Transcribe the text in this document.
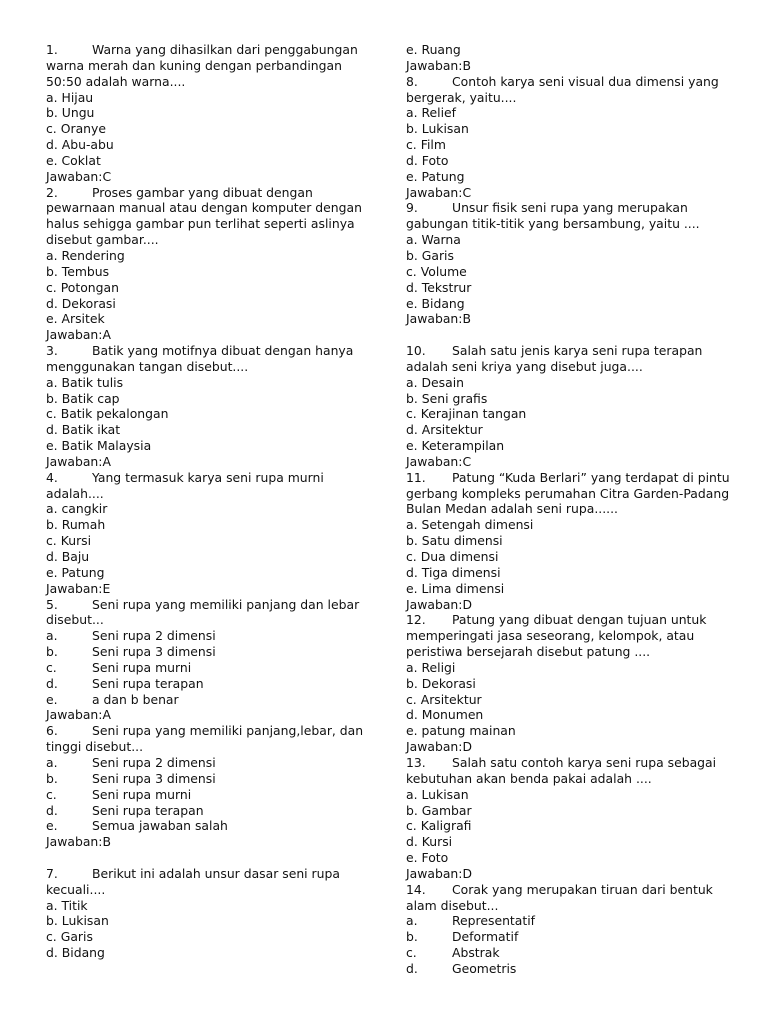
1.	Warna yang dihasilkan dari penggabungan
warna merah dan kuning dengan perbandingan
50:50 adalah warna....
a. Hijau
b. Ungu
c. Oranye
d. Abu-abu
e. Coklat
Jawaban:C
2.	Proses gambar yang dibuat dengan
pewarnaan manual atau dengan komputer dengan
halus sehigga gambar pun terlihat seperti aslinya
disebut gambar....
a. Rendering
b. Tembus
c. Potongan
d. Dekorasi
e. Arsitek
Jawaban:A
3.	Batik yang motifnya dibuat dengan hanya
menggunakan tangan disebut....
a. Batik tulis
b. Batik cap
c. Batik pekalongan
d. Batik ikat
e. Batik Malaysia
Jawaban:A
4.	Yang termasuk karya seni rupa murni
adalah....
a. cangkir
b. Rumah
c. Kursi
d. Baju
e. Patung
Jawaban:E
5.	Seni rupa yang memiliki panjang dan lebar
disebut...
a.	Seni rupa 2 dimensi
b.	Seni rupa 3 dimensi
c.	Seni rupa murni
d.	Seni rupa terapan
e.	a dan b benar
Jawaban:A
6.	Seni rupa yang memiliki panjang,lebar, dan
tinggi disebut...
a.	Seni rupa 2 dimensi
b.	Seni rupa 3 dimensi
c.	Seni rupa murni
d.	Seni rupa terapan
e.	Semua jawaban salah
Jawaban:B
7.	Berikut ini adalah unsur dasar seni rupa
kecuali....
a. Titik
b. Lukisan
c. Garis
d. Bidang
e. Ruang
Jawaban:B
8.	Contoh karya seni visual dua dimensi yang
bergerak, yaitu....
a. Relief
b. Lukisan
c. Film
d. Foto
e. Patung
Jawaban:C
9.	Unsur fisik seni rupa yang merupakan
gabungan titik-titik yang bersambung, yaitu ....
a. Warna
b. Garis
c. Volume
d. Tekstrur
e. Bidang
Jawaban:B
10. Salah satu jenis karya seni rupa terapan
adalah seni kriya yang disebut juga....
a. Desain
b. Seni grafis
c. Kerajinan tangan
d. Arsitektur
e. Keterampilan
Jawaban:C
11. Patung “Kuda Berlari” yang terdapat di pintu
gerbang kompleks perumahan Citra Garden-Padang
Bulan Medan adalah seni rupa......
a. Setengah dimensi
b. Satu dimensi
c. Dua dimensi
d. Tiga dimensi
e. Lima dimensi
Jawaban:D
12. Patung yang dibuat dengan tujuan untuk
memperingati jasa seseorang, kelompok, atau
peristiwa bersejarah disebut patung ....
a. Religi
b. Dekorasi
c. Arsitektur
d. Monumen
e. patung mainan
Jawaban:D
13. Salah satu contoh karya seni rupa sebagai
kebutuhan akan benda pakai adalah ....
a. Lukisan
b. Gambar
c. Kaligrafi
d. Kursi
e. Foto
Jawaban:D
14. Corak yang merupakan tiruan dari bentuk
alam disebut...
a.	Representatif
b.	Deformatif
c.	Abstrak
d.	Geometris
